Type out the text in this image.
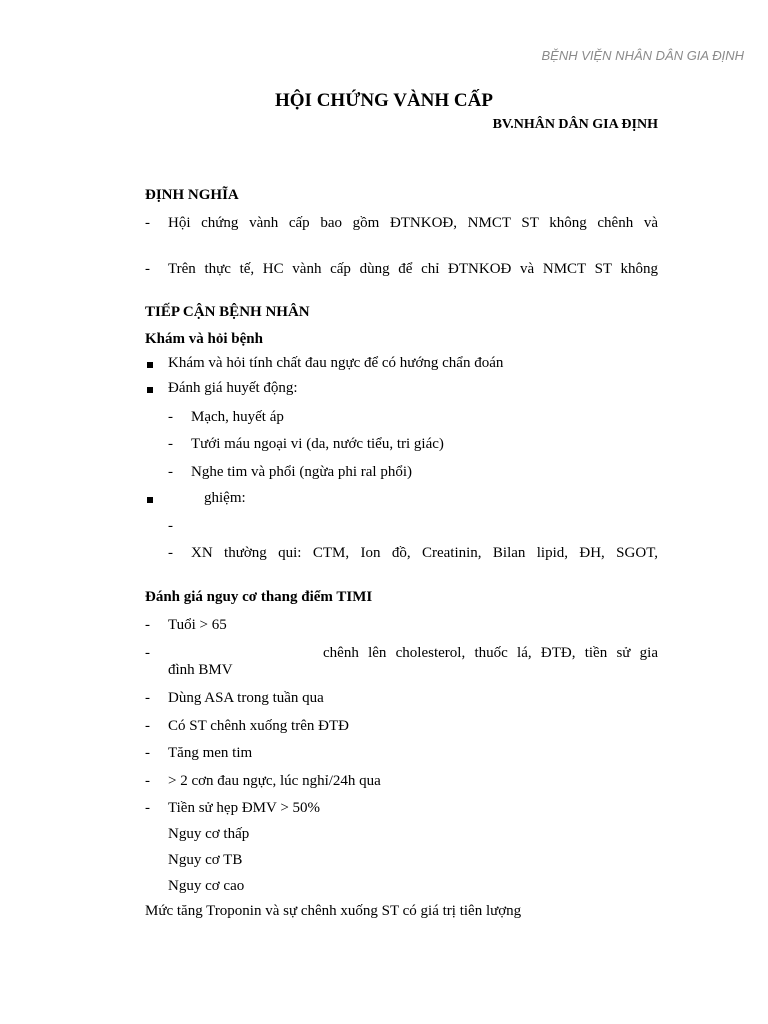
BỆNH VIỆN NHÂN DÂN GIA ĐỊNH
HỘI CHỨNG VÀNH CẤP
BV.NHÂN DÂN GIA ĐỊNH
ĐỊNH NGHĨA
- Hội chứng vành cấp bao gồm ĐTNKOĐ, NMCT ST không chênh và
- Trên thực tế, HC vành cấp dùng để chỉ ĐTNKOĐ và NMCT ST không
TIẾP CẬN BỆNH NHÂN
Khám và hỏi bệnh
Khám và hỏi tính chất đau ngực để có hướng chẩn đoán
Đánh giá huyết động:
- Mạch, huyết áp
- Tưới máu ngoại vi (da, nước tiểu, tri giác)
- Nghe tim và phổi (ngừa phi ral phổi)
ghiệm:
-
- XN thường qui: CTM, Ion đồ, Creatinin, Bilan lipid, ĐH, SGOT,
Đánh giá nguy cơ thang điểm TIMI
- Tuổi > 65
-	chênh lên cholesterol, thuốc lá, ĐTĐ, tiền sử gia
đình BMV
- Dùng ASA trong tuần qua
- Có ST chênh xuống trên ĐTĐ
- Tăng men tim
- > 2 cơn đau ngực, lúc nghỉ/24h qua
- Tiền sử hẹp ĐMV > 50%
Nguy cơ thấp
Nguy cơ TB
Nguy cơ cao
Mức tăng Troponin và sự chênh xuống ST có giá trị tiên lượng
